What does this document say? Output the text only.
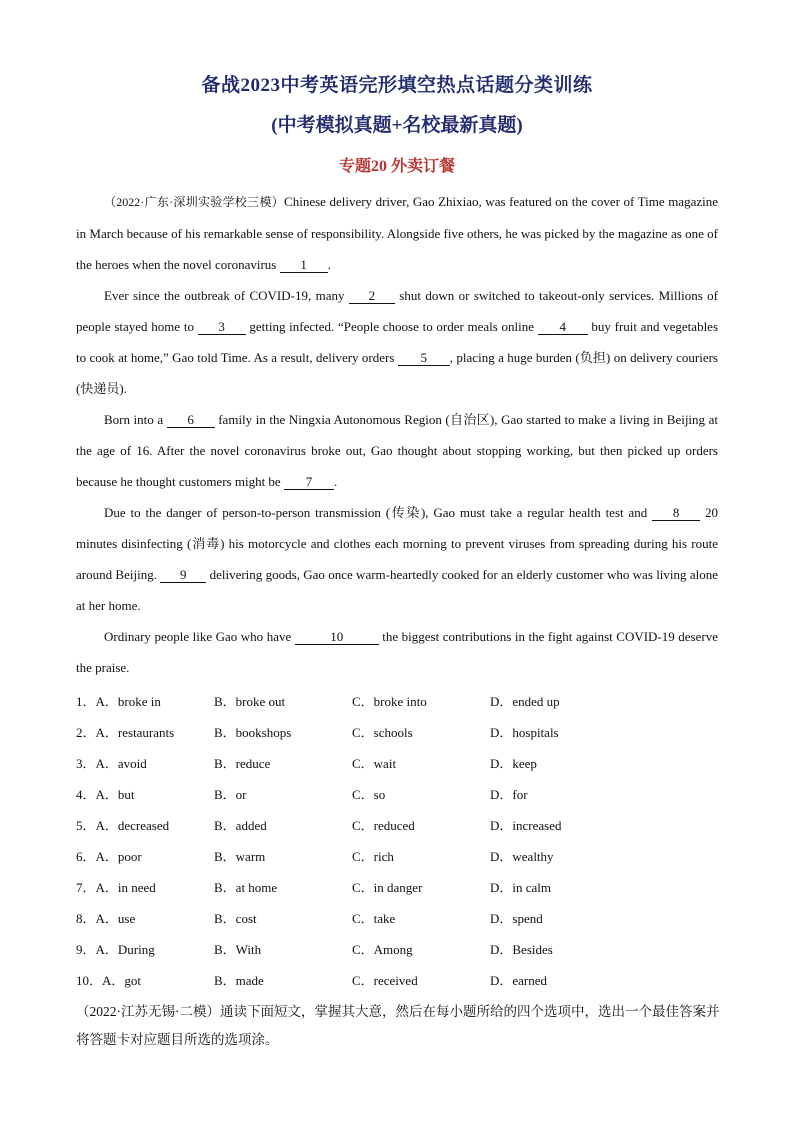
备战2023中考英语完形填空热点话题分类训练
(中考模拟真题+名校最新真题)
专题20 外卖订餐

（2022·广东·深圳实验学校三模）Chinese delivery driver, Gao Zhixiao, was featured on the cover of Time magazine in March because of his remarkable sense of responsibility. Alongside five others, he was picked by the magazine as one of the heroes when the novel coronavirus 1 .

Ever since the outbreak of COVID-19, many 2 shut down or switched to takeout-only services. Millions of people stayed home to 3 getting infected. “People choose to order meals online 4 buy fruit and vegetables to cook at home,” Gao told Time. As a result, delivery orders 5 , placing a huge burden (负担) on delivery couriers (快递员).

Born into a 6 family in the Ningxia Autonomous Region (自治区), Gao started to make a living in Beijing at the age of 16. After the novel coronavirus broke out, Gao thought about stopping working, but then picked up orders because he thought customers might be 7 .

Due to the danger of person-to-person transmission (传染), Gao must take a regular health test and 8 20 minutes disinfecting (消毒) his motorcycle and clothes each morning to prevent viruses from spreading during his route around Beijing. 9 delivering goods, Gao once warm-heartedly cooked for an elderly customer who was living alone at her home.

Ordinary people like Gao who have	10	the biggest contributions in the fight against COVID-19 deserve the praise.

1．A．broke in	B．broke out	C．broke into	D．ended up
2．A．restaurants	B．bookshops	C．schools	D．hospitals
3．A．avoid	B．reduce	C．wait	D．keep
4．A．but	B．or	C．so	D．for
5．A．decreased	B．added	C．reduced	D．increased
6．A．poor	B．warm	C．rich	D．wealthy
7．A．in need	B．at home	C．in danger	D．in calm
8．A．use	B．cost	C．take	D．spend
9．A．During	B．With	C．Among	D．Besides
10．A．got	B．made	C．received	D．earned
（2022·江苏无锡·二模）通读下面短文，掌握其大意，然后在每小题所给的四个选项中，选出一个最佳答案并将答题卡对应题目所选的选项涂。
